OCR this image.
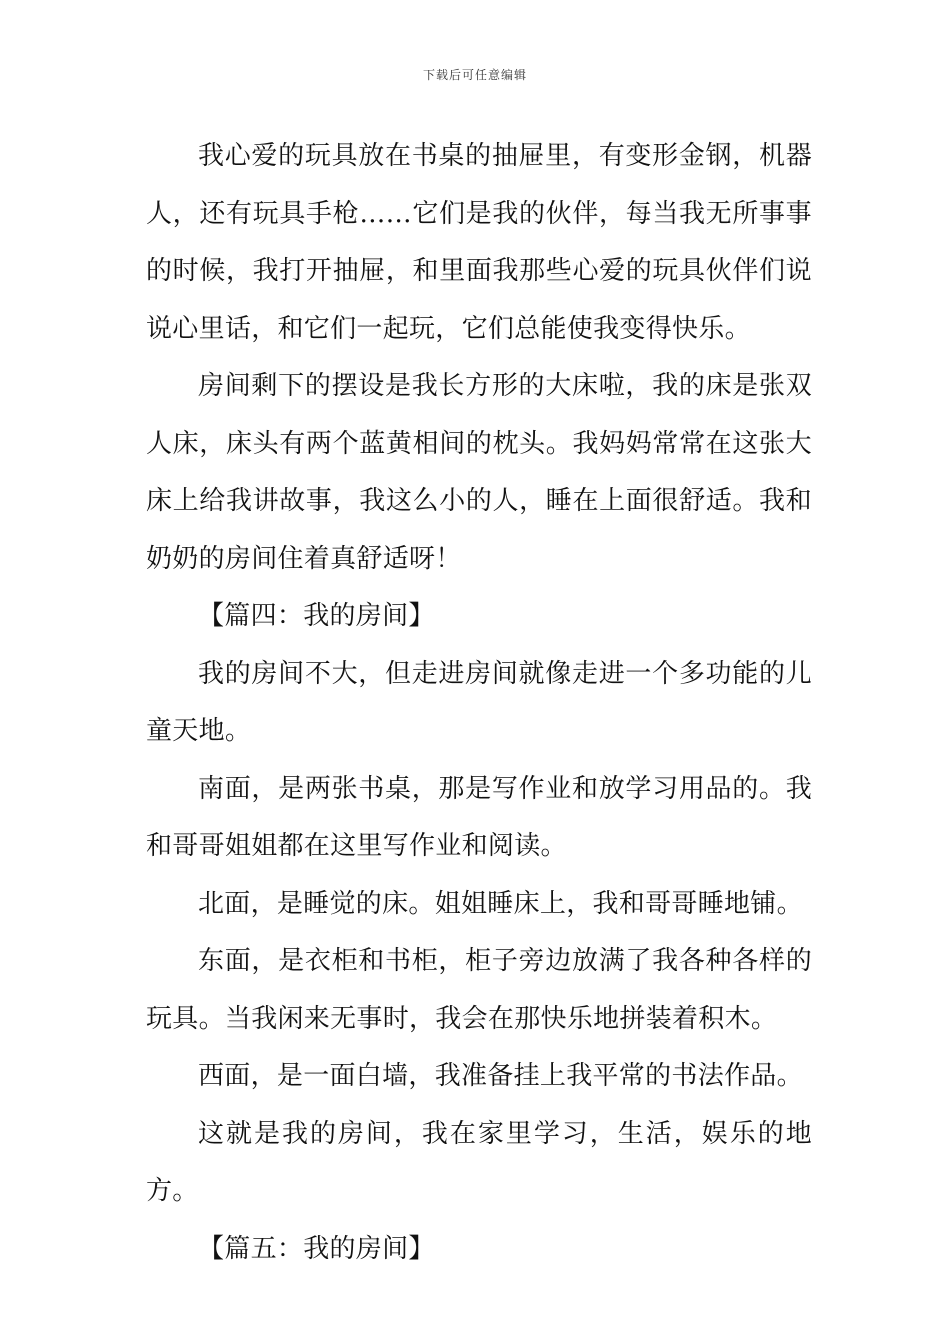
下载后可任意编辑

我心爱的玩具放在书桌的抽屉里，有变形金钢，机器人，还有玩具手枪……它们是我的伙伴，每当我无所事事的时候，我打开抽屉，和里面我那些心爱的玩具伙伴们说说心里话，和它们一起玩，它们总能使我变得快乐。

房间剩下的摆设是我长方形的大床啦，我的床是张双人床，床头有两个蓝黄相间的枕头。我妈妈常常在这张大床上给我讲故事，我这么小的人，睡在上面很舒适。我和奶奶的房间住着真舒适呀！

【篇四：我的房间】

我的房间不大，但走进房间就像走进一个多功能的儿童天地。

南面，是两张书桌，那是写作业和放学习用品的。我和哥哥姐姐都在这里写作业和阅读。

北面，是睡觉的床。姐姐睡床上，我和哥哥睡地铺。

东面，是衣柜和书柜，柜子旁边放满了我各种各样的玩具。当我闲来无事时，我会在那快乐地拼装着积木。

西面，是一面白墙，我准备挂上我平常的书法作品。

这就是我的房间，我在家里学习，生活，娱乐的地方。

【篇五：我的房间】
